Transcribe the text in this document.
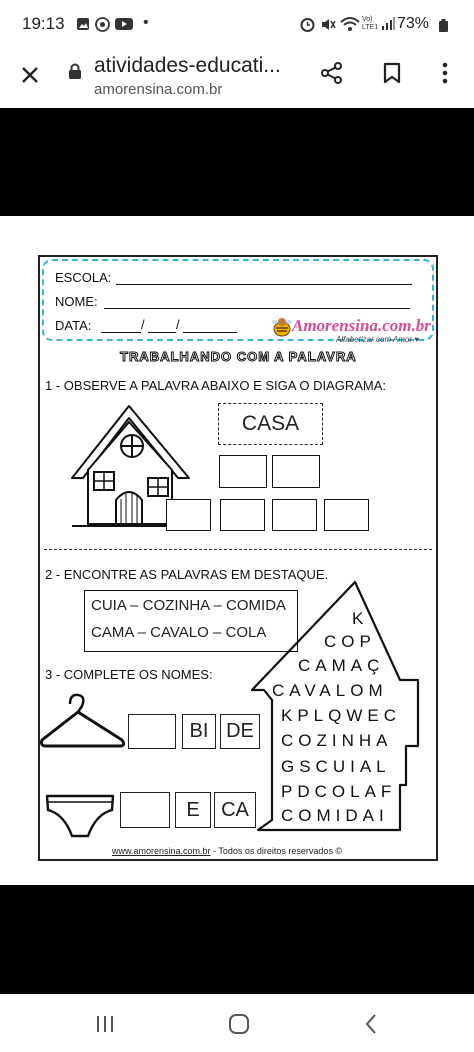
19:13	•	Vo)
LTE1 73%
atividades-educati...
amorensina.com.br
ESCOLA:
NOME:
DATA:	/ /	Amorensina.com.br
Alfabetizar com Amor ♥
TRABALHANDO COM A PALAVRA
1 - OBSERVE A PALAVRA ABAIXO E SIGA O DIAGRAMA:
CASA
2 - ENCONTRE AS PALAVRAS EM DESTAQUE.
CUIA – COZINHA – COMIDA
CAMA – CAVALO – COLA
K
COP
CAMAÇ
CAVALOM
KPLQWEC
COZINHA
GSCUIAL
PDCOLAF
COMIDAI
3 - COMPLETE OS NOMES:
BI DE
E	CA
www.amorensina.com.br - Todos os direitos reservados ©
